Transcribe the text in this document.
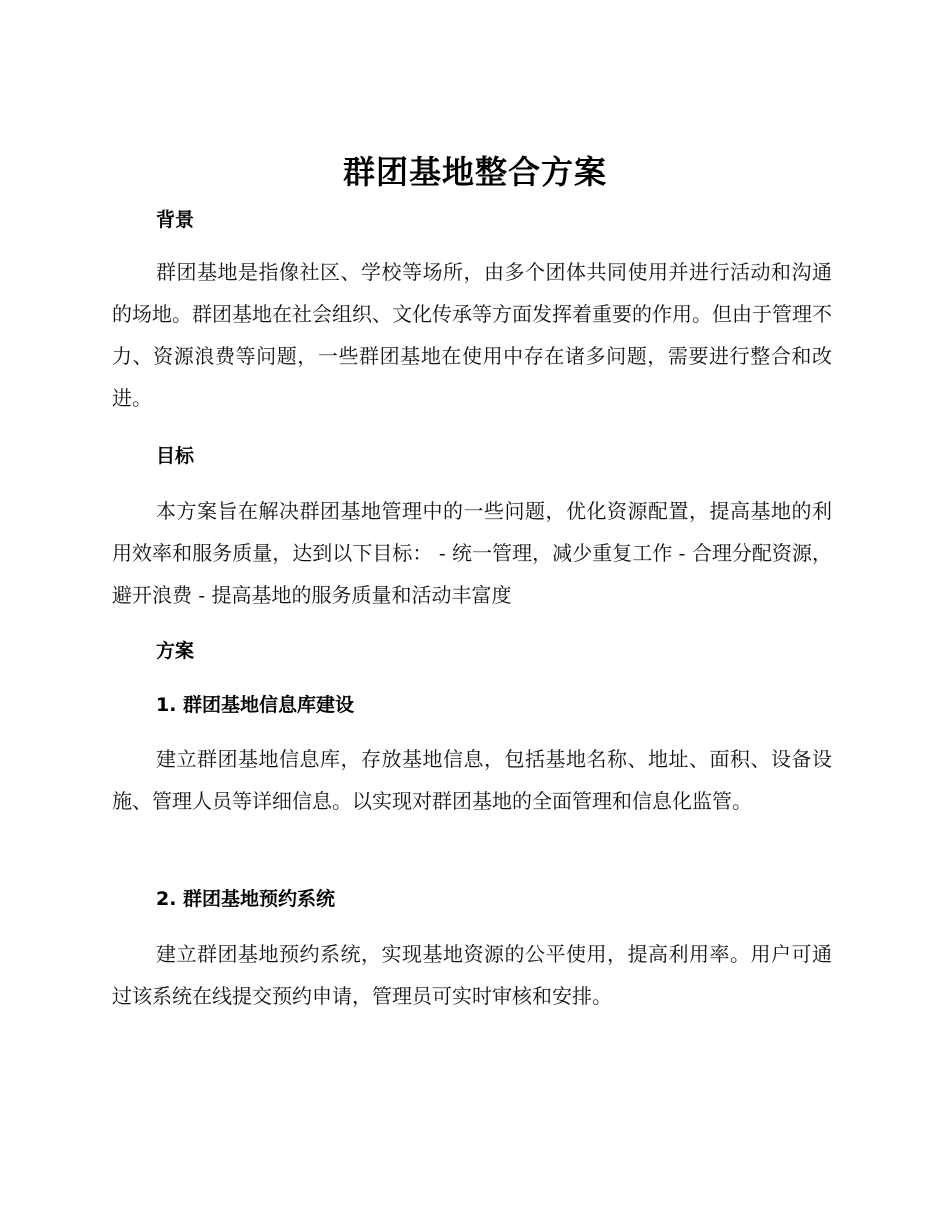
群团基地整合方案
背景

群团基地是指像社区、学校等场所，由多个团体共同使用并进行活动和沟通的场地。群团基地在社会组织、文化传承等方面发挥着重要的作用。但由于管理不力、资源浪费等问题，一些群团基地在使用中存在诸多问题，需要进行整合和改进。

目标

本方案旨在解决群团基地管理中的一些问题，优化资源配置，提高基地的利用效率和服务质量，达到以下目标： - 统一管理，减少重复工作 - 合理分配资源，避开浪费 - 提高基地的服务质量和活动丰富度

方案
1. 群团基地信息库建设

建立群团基地信息库，存放基地信息，包括基地名称、地址、面积、设备设施、管理人员等详细信息。以实现对群团基地的全面管理和信息化监管。

2. 群团基地预约系统

建立群团基地预约系统，实现基地资源的公平使用，提高利用率。用户可通过该系统在线提交预约申请，管理员可实时审核和安排。
